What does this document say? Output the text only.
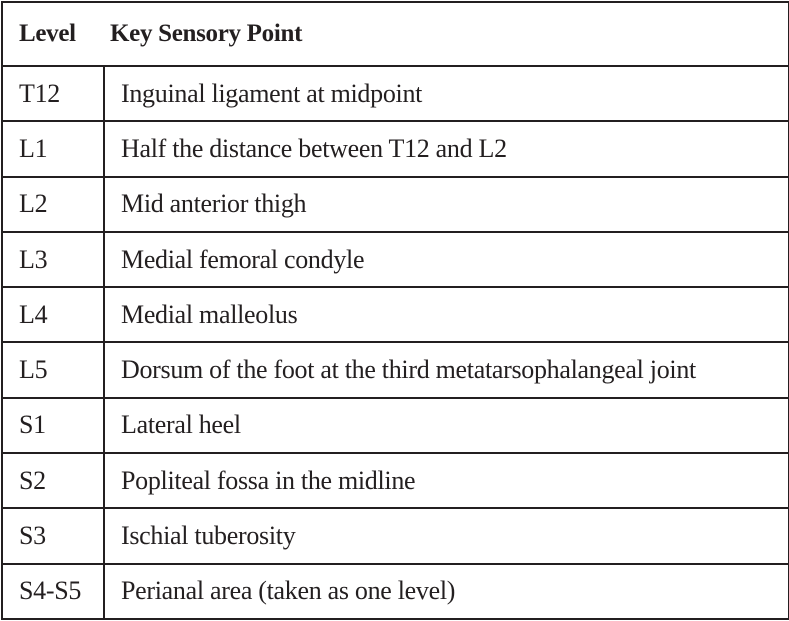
Level	Key Sensory Point
T12	Inguinal ligament at midpoint
L1	Half the distance between T12 and L2
L2	Mid anterior thigh
L3	Medial femoral condyle
L4	Medial malleolus
L5	Dorsum of the foot at the third metatarsophalangeal joint
S1	Lateral heel
S2	Popliteal fossa in the midline
S3	Ischial tuberosity
S4-S5	Perianal area (taken as one level)
